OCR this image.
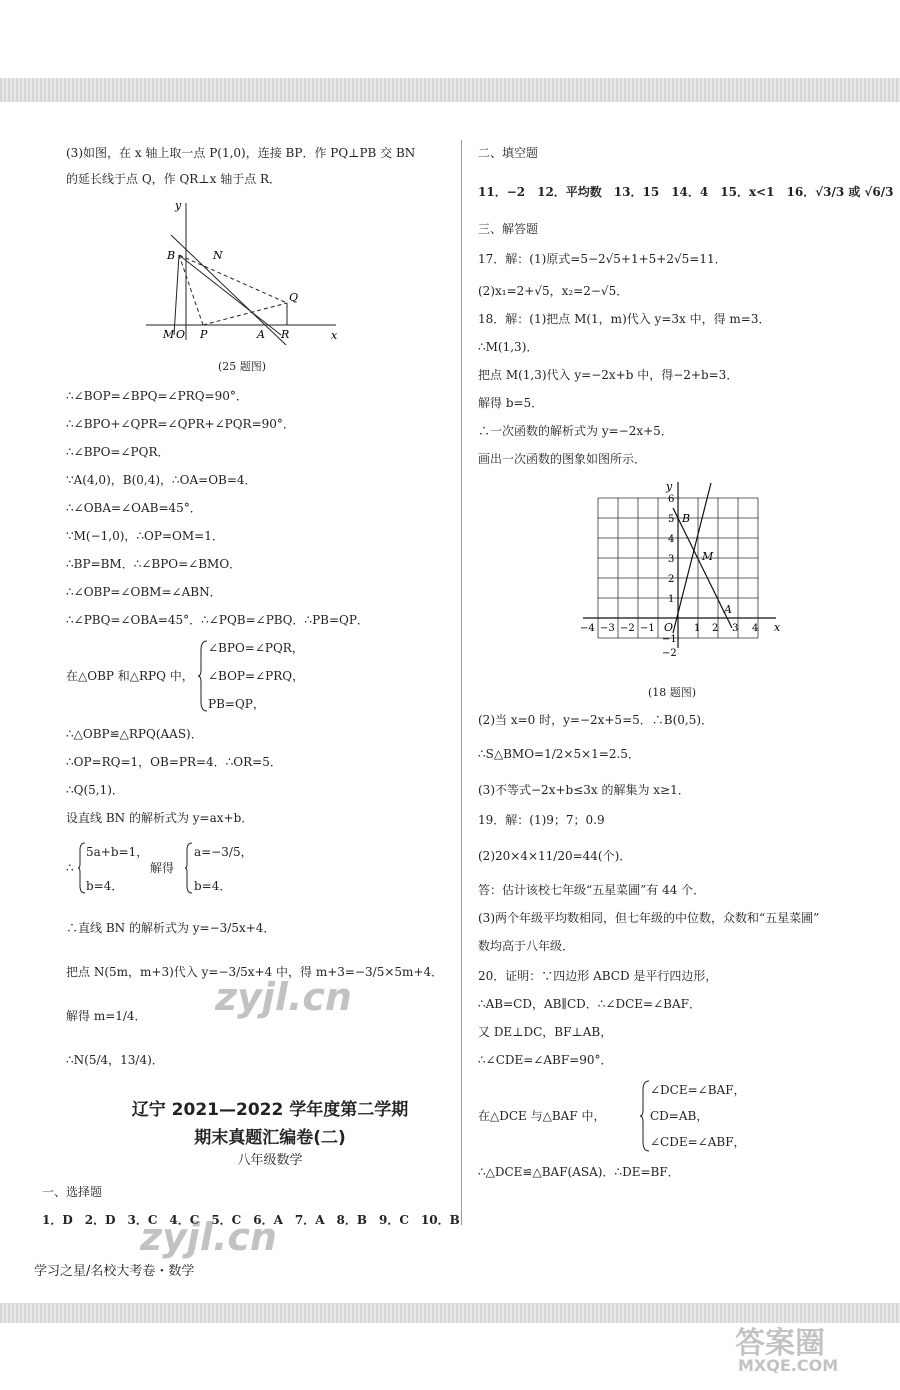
(3)如图，在 x 轴上取一点 P(1,0)，连接 BP．作 PQ⊥PB 交 BN
的延长线于点 Q，作 QR⊥x 轴于点 R．
y
B	N
Q
M O P	A R	x
(25 题图)
∴∠BOP=∠BPQ=∠PRQ=90°．
∴∠BPO+∠QPR=∠QPR+∠PQR=90°．
∴∠BPO=∠PQR．
∵A(4,0)，B(0,4)，∴OA=OB=4．
∴∠OBA=∠OAB=45°．
∵M(−1,0)，∴OP=OM=1．
∴BP=BM．∴∠BPO=∠BMO．
∴∠OBP=∠OBM=∠ABN．
∴∠PBQ=∠OBA=45°．∴∠PQB=∠PBQ．∴PB=QP．
∠BPO=∠PQR，
在△OBP 和△RPQ 中， ∠BOP=∠PRQ，
PB=QP，
∴△OBP≌△RPQ(AAS)．
∴OP=RQ=1，OB=PR=4．∴OR=5．
∴Q(5,1)．
设直线 BN 的解析式为 y=ax+b．
5a+b=1，
∴	解得
a=−3/5，
b=4．	b=4．
∴直线 BN 的解析式为 y=−3/5x+4．
把点 N(5m，m+3)代入 y=−3/5x+4 中，得 m+3=−3/5×5m+4．
解得 m=1/4．
∴N(5/4，13/4)．
辽宁 2021—2022 学年度第二学期
期末真题汇编卷(二)
八年级数学
一、选择题
1．D　2．D　3．C　4．C　5．C　6．A　7．A　8．B　9．C　10．B
二、填空题
11．−2　12．平均数　13．15　14．4　15．x<1　16．√3/3 或 √6/3
三、解答题
17．解：(1)原式=5−2√5+1+5+2√5=11．
(2)x₁=2+√5，x₂=2−√5．
18．解：(1)把点 M(1，m)代入 y=3x 中，得 m=3．
∴M(1,3)．
把点 M(1,3)代入 y=−2x+b 中，得−2+b=3．
解得 b=5．
∴一次函数的解析式为 y=−2x+5．
画出一次函数的图象如图所示．
y
B
M
A
O	x
6
5
4
3
2
1
−1
−2
−4 −3 −2 −1	1 2 3 4
(18 题图)
(2)当 x=0 时，y=−2x+5=5．∴B(0,5)．
∴S△BMO=1/2×5×1=2.5．
(3)不等式−2x+b≤3x 的解集为 x≥1．
19．解：(1)9；7；0.9
(2)20×4×11/20=44(个)．
答：估计该校七年级“五星菜圃”有 44 个．
(3)两个年级平均数相同，但七年级的中位数，众数和“五星菜圃”
数均高于八年级．
20．证明：∵四边形 ABCD 是平行四边形，
∴AB=CD，AB∥CD．∴∠DCE=∠BAF．
又 DE⊥DC，BF⊥AB，
∴∠CDE=∠ABF=90°．
∠DCE=∠BAF，
在△DCE 与△BAF 中，	CD=AB，
∠CDE=∠ABF，
∴△DCE≌△BAF(ASA)．∴DE=BF．
学习之星/名校大考卷・数学
zyjl.cn
zyjl.cn
答案圈
MXQE.COM
